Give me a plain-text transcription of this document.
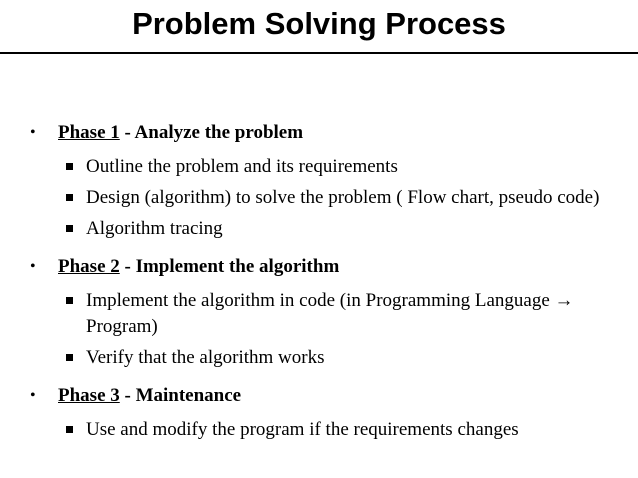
Problem Solving Process
• Phase 1 - Analyze the problem
Outline the problem and its requirements
Design (algorithm) to solve the problem ( Flow chart, pseudo code)
Algorithm tracing
• Phase 2 - Implement the algorithm
Implement the algorithm in code (in Programming Language → Program)
Verify that the algorithm works
• Phase 3 - Maintenance
Use and modify the program if the requirements changes
